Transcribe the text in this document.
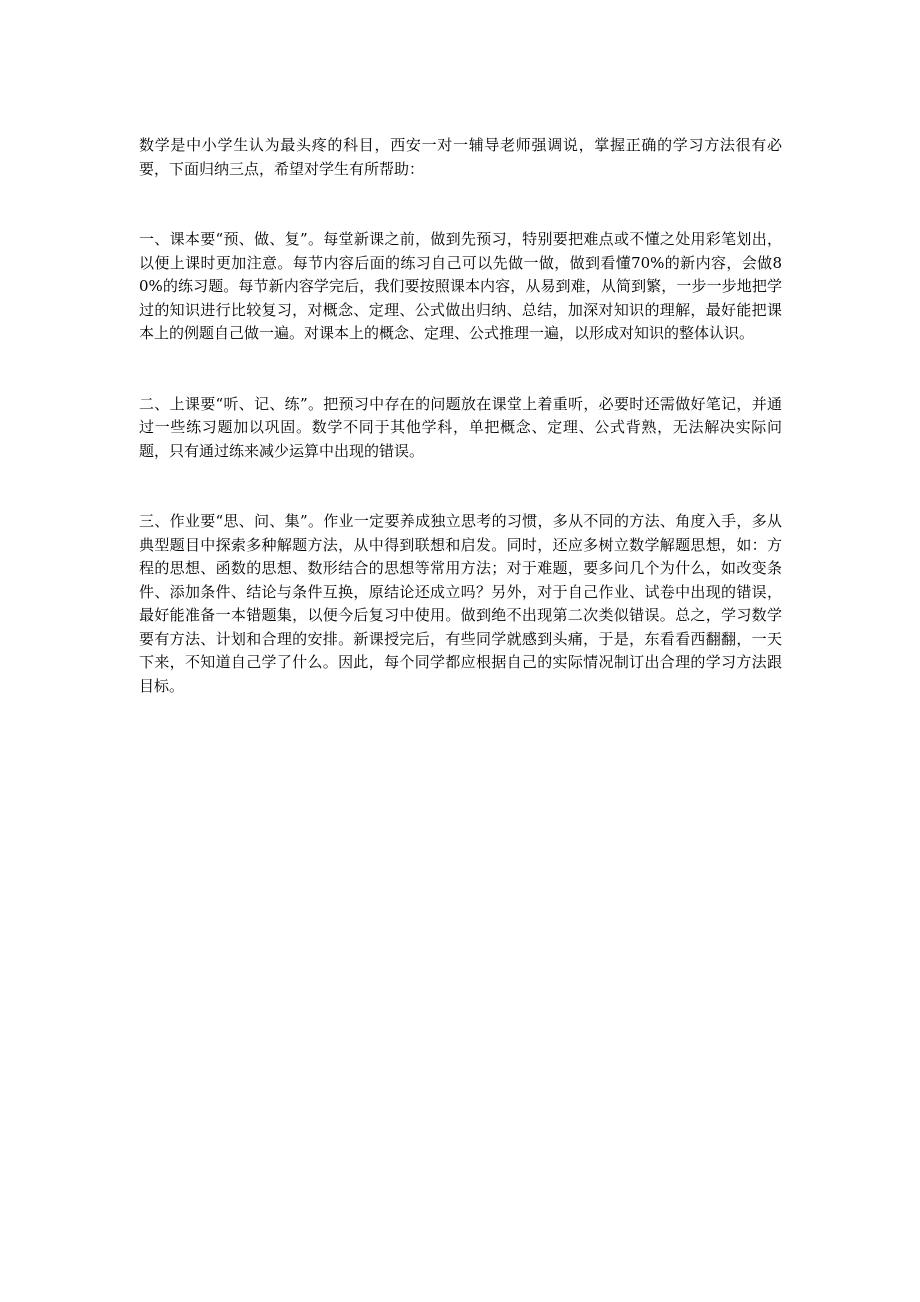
数学是中小学生认为最头疼的科目，西安一对一辅导老师强调说，掌握正确的学习方法很有必要，下面归纳三点，希望对学生有所帮助：

一、课本要“预、做、复”。每堂新课之前，做到先预习，特别要把难点或不懂之处用彩笔划出，以便上课时更加注意。每节内容后面的练习自己可以先做一做，做到看懂70%的新内容，会做80%的练习题。每节新内容学完后，我们要按照课本内容，从易到难，从简到繁，一步一步地把学过的知识进行比较复习，对概念、定理、公式做出归纳、总结，加深对知识的理解，最好能把课本上的例题自己做一遍。对课本上的概念、定理、公式推理一遍，以形成对知识的整体认识。

二、上课要“听、记、练”。把预习中存在的问题放在课堂上着重听，必要时还需做好笔记，并通过一些练习题加以巩固。数学不同于其他学科，单把概念、定理、公式背熟，无法解决实际问题，只有通过练来减少运算中出现的错误。

三、作业要“思、问、集”。作业一定要养成独立思考的习惯，多从不同的方法、角度入手，多从典型题目中探索多种解题方法，从中得到联想和启发。同时，还应多树立数学解题思想，如：方程的思想、函数的思想、数形结合的思想等常用方法；对于难题，要多问几个为什么，如改变条件、添加条件、结论与条件互换，原结论还成立吗？另外，对于自己作业、试卷中出现的错误，最好能准备一本错题集，以便今后复习中使用。做到绝不出现第二次类似错误。总之，学习数学要有方法、计划和合理的安排。新课授完后，有些同学就感到头痛，于是，东看看西翻翻，一天下来，不知道自己学了什么。因此，每个同学都应根据自己的实际情况制订出合理的学习方法跟目标。
